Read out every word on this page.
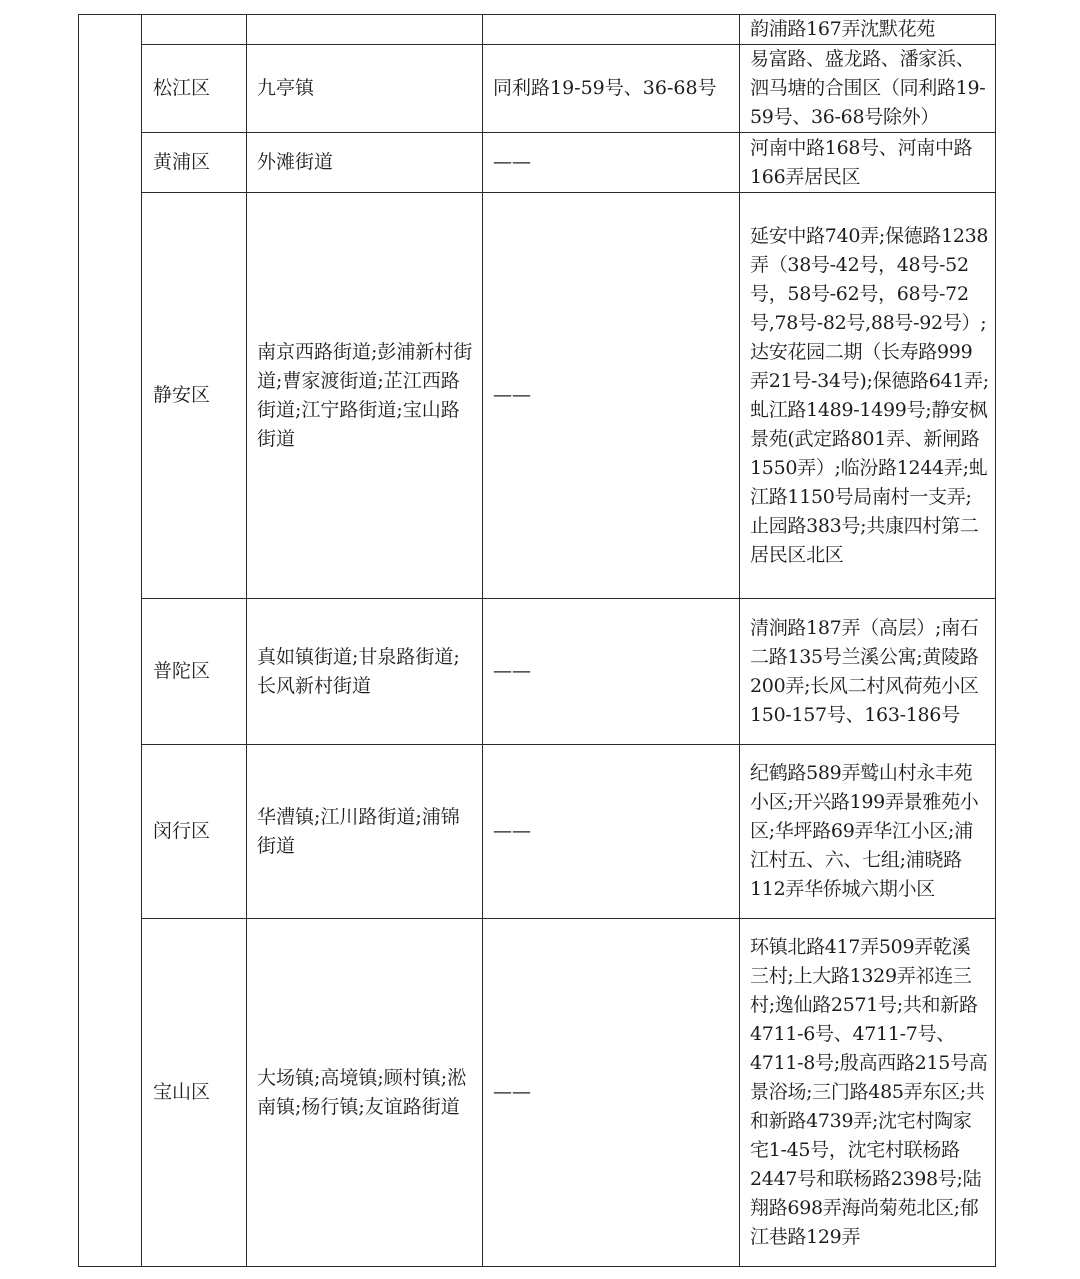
				韵浦路167弄沈默花苑
	松江区	九亭镇	同利路19-59号、36-68号	易富路、盛龙路、潘家浜、泗马塘的合围区（同利路19-59号、36-68号除外）
	黄浦区	外滩街道	——	河南中路168号、河南中路166弄居民区
	静安区	南京西路街道;彭浦新村街道;曹家渡街道;芷江西路街道;江宁路街道;宝山路街道	——	延安中路740弄;保德路1238弄（38号-42号，48号-52号，58号-62号，68号-72号,78号-82号,88号-92号）;达安花园二期（长寿路999弄21号-34号);保德路641弄;虬江路1489-1499号;静安枫景苑(武定路801弄、新闸路1550弄）;临汾路1244弄;虬江路1150号局南村一支弄;止园路383号;共康四村第二居民区北区
	普陀区	真如镇街道;甘泉路街道;长风新村街道	——	清涧路187弄（高层）;南石二路135号兰溪公寓;黄陵路200弄;长风二村风荷苑小区150-157号、163-186号
	闵行区	华漕镇;江川路街道;浦锦街道	——	纪鹤路589弄鹫山村永丰苑小区;开兴路199弄景雅苑小区;华坪路69弄华江小区;浦江村五、六、七组;浦晓路112弄华侨城六期小区
	宝山区	大场镇;高境镇;顾村镇;淞南镇;杨行镇;友谊路街道	——	环镇北路417弄509弄乾溪三村;上大路1329弄祁连三村;逸仙路2571号;共和新路4711-6号、4711-7号、4711-8号;殷高西路215号高景浴场;三门路485弄东区;共和新路4739弄;沈宅村陶家宅1-45号，沈宅村联杨路2447号和联杨路2398号;陆翔路698弄海尚菊苑北区;郁江巷路129弄
